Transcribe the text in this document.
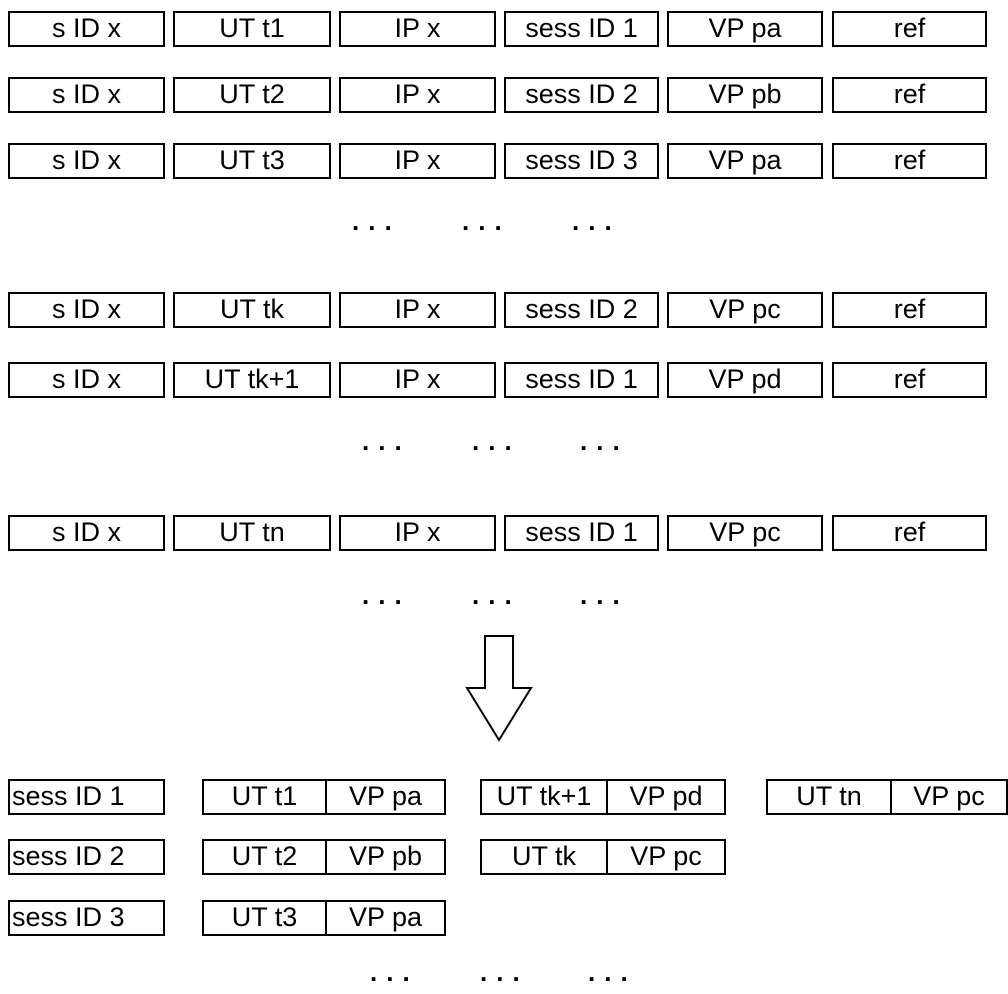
s ID x	UT t1	IP x	sess ID 1	VP pa	ref
s ID x	UT t2	IP x	sess ID 2	VP pb	ref
s ID x	UT t3	IP x	sess ID 3	VP pa	ref
s ID x	UT tk	IP x	sess ID 2	VP pc	ref
s ID x	UT tk+1	IP x	sess ID 1	VP pd	ref
s ID x	UT tn	IP x	sess ID 1	VP pc	ref
... ... ...
... ... ...
... ... ...
... ... ...
sess ID 1	UT t1	VP pa	UT tk+1	VP pd	UT tn	VP pc
sess ID 2	UT t2	VP pb	UT tk	VP pc
sess ID 3	UT t3	VP pa
